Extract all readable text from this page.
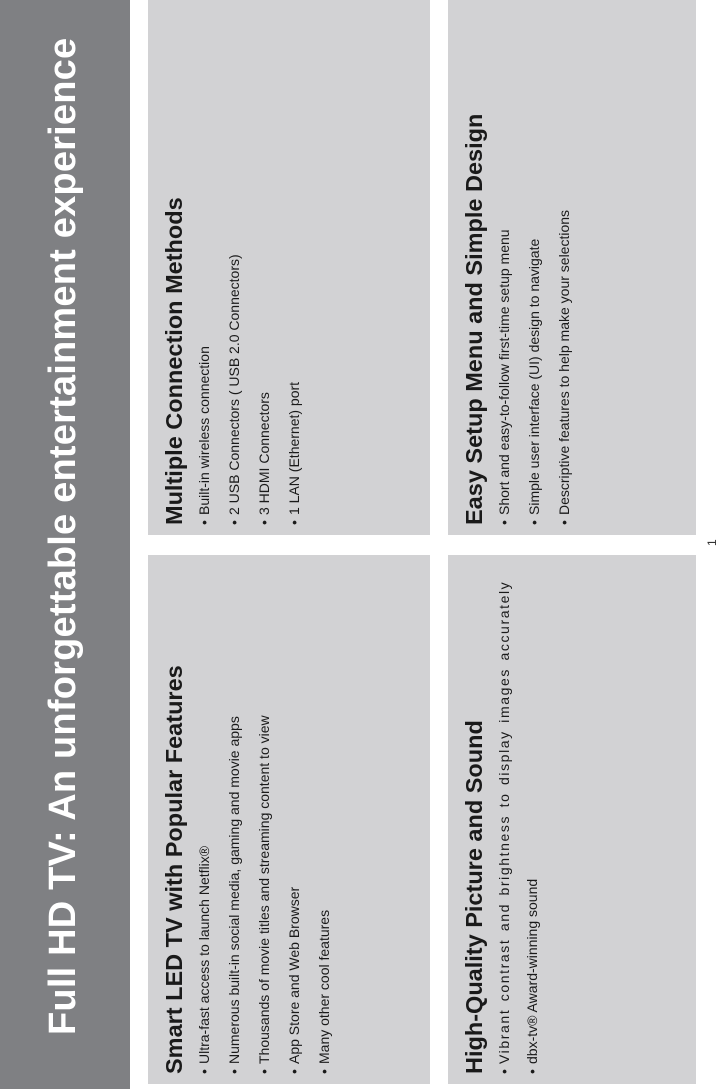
Full HD TV: An unforgettable entertainment experience	Smart LED TV with Popular Features • Ultra-fast access to launch Netflix® • Numerous built-in social media, gaming and movie apps • Thousands of movie titles and streaming content to view • App Store and Web Browser • Many other cool features
Multiple Connection Methods • Built-in wireless connection • 2 USB Connectors ( USB 2.0 Connectors) • 3 HDMI Connectors • 1 LAN (Ethernet) port
High-Quality Picture and Sound • Vibrant contrast and brightness to display images accurately • dbx-tv® Award-winning sound
Easy Setup Menu and Simple Design • Short and easy-to-follow first-time setup menu • Simple user interface (UI) design to navigate • Descriptive features to help make your selections
1
